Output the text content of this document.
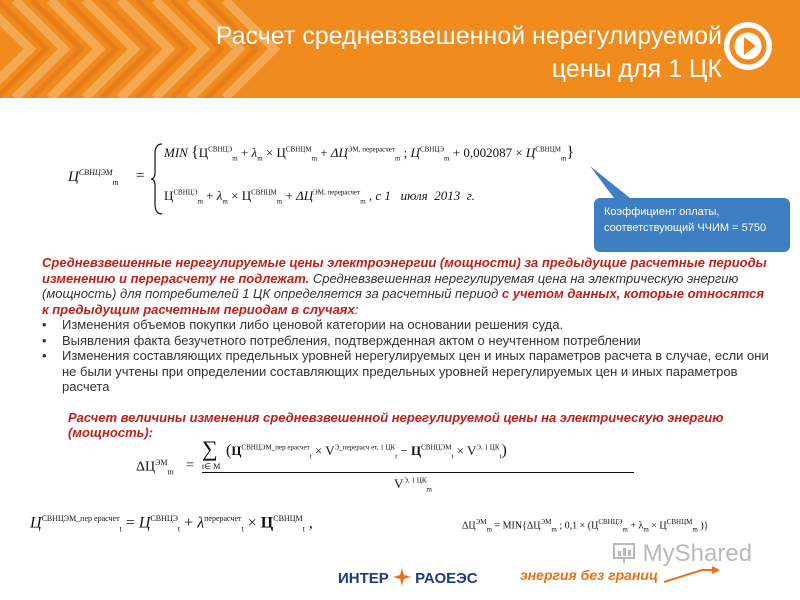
Расчет средневзвешенной нерегулируемой
цены для 1 ЦК
$Ц^{СВНЦЭМ}_m$ =
MIN {$Ц^{СВНЦЭ}_m + \lambda_m \times Ц^{СВНЦМ}_m + \Delta Ц^{ЭМ, перерасчет}_m$ ; $Ц^{СВНЦЭ}_m + 0,002087 \times Ц^{СВНЦМ}_m$}
$Ц^{СВНЦЭ}_m + \lambda_m \times Ц^{СВНЦМ}_m + \Delta Ц^{ЭМ, перерасчет}_m$ , с 1   июля  2013  г.
Коэффициент оплаты,
соответствующий ЧЧИМ = 5750
Средневзвешенные нерегулируемые цены электроэнергии (мощности) за предыдущие расчетные периоды изменению и перерасчету не подлежат. Средневзвешенная нерегулируемая цена на электрическую энергию (мощность) для потребителей 1 ЦК определяется за расчетный период с учетом данных, которые относятся к предыдущим расчетным периодам в случаях:
• Изменения объемов покупки либо ценовой категории на основании решения суда.
• Выявления факта безучетного потребления, подтвержденная актом о неучтенном потреблении
• Изменения составляющих предельных уровней нерегулируемых цен и иных параметров расчета в случае, если они не были учтены при определении составляющих предельных уровней нерегулируемых цен и иных параметров расчета
Расчет величины изменения средневзвешенной нерегулируемой цены на электрическую энергию (мощность):
$\Delta Ц^{ЭМ}_m$ =
∑
t∈ M
$(Ц^{СВНЦЭМ\_пер ерасчет}_t \times V^{Э\_перерасч ет, 1 ЦК}_t - Ц^{СВНЦЭМ}_t \times V^{Э, 1 ЦК}_t)$
$V^{Э, 1 ЦК}_m$
$Ц^{СВНЦЭМ\_пер ерасчет}_t = Ц^{СВНЦЭ}_t + \lambda^{перерасчет}_t \times Ц^{СВНЦМ}_t$ ,	$\Delta Ц^{ЭМ}_m = MIN\{\Delta Ц^{ЭМ}_m$ ; $0,1 \times (Ц^{СВНЦЭ}_m + \lambda_m \times Ц^{СВНЦМ}_m$ )}
MyShared
ИНТЕР РАОЕЭС	энергия без границ
